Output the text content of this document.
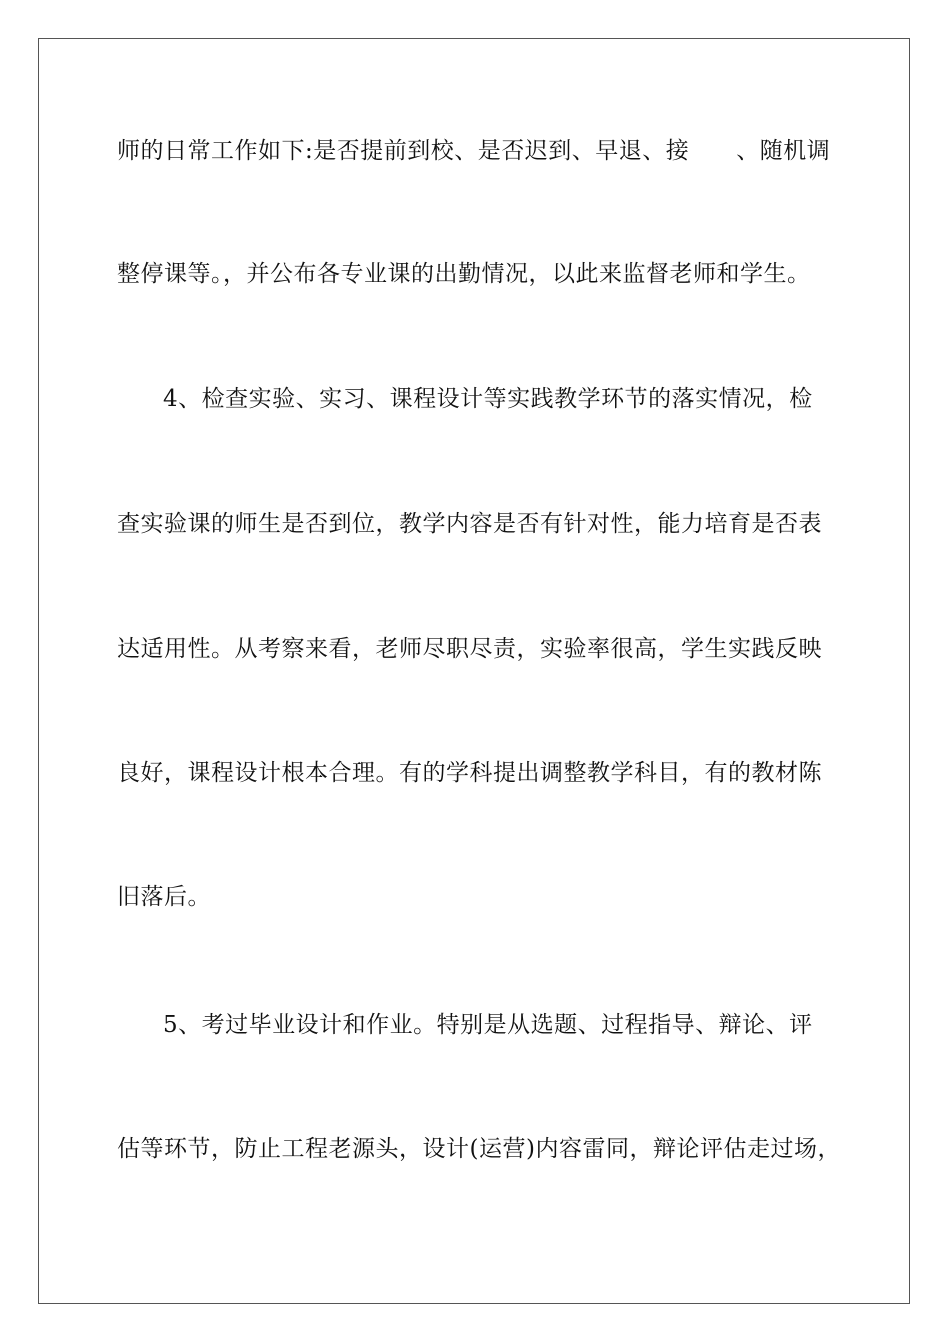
师的日常工作如下:是否提前到校、是否迟到、早退、接　　、随机调
整停课等。，并公布各专业课的出勤情况，以此来监督老师和学生。
4、检查实验、实习、课程设计等实践教学环节的落实情况，检
查实验课的师生是否到位，教学内容是否有针对性，能力培育是否表
达适用性。从考察来看，老师尽职尽责，实验率很高，学生实践反映
良好，课程设计根本合理。有的学科提出调整教学科目，有的教材陈
旧落后。
5、考过毕业设计和作业。特别是从选题、过程指导、辩论、评
估等环节，防止工程老源头，设计(运营)内容雷同，辩论评估走过场，
